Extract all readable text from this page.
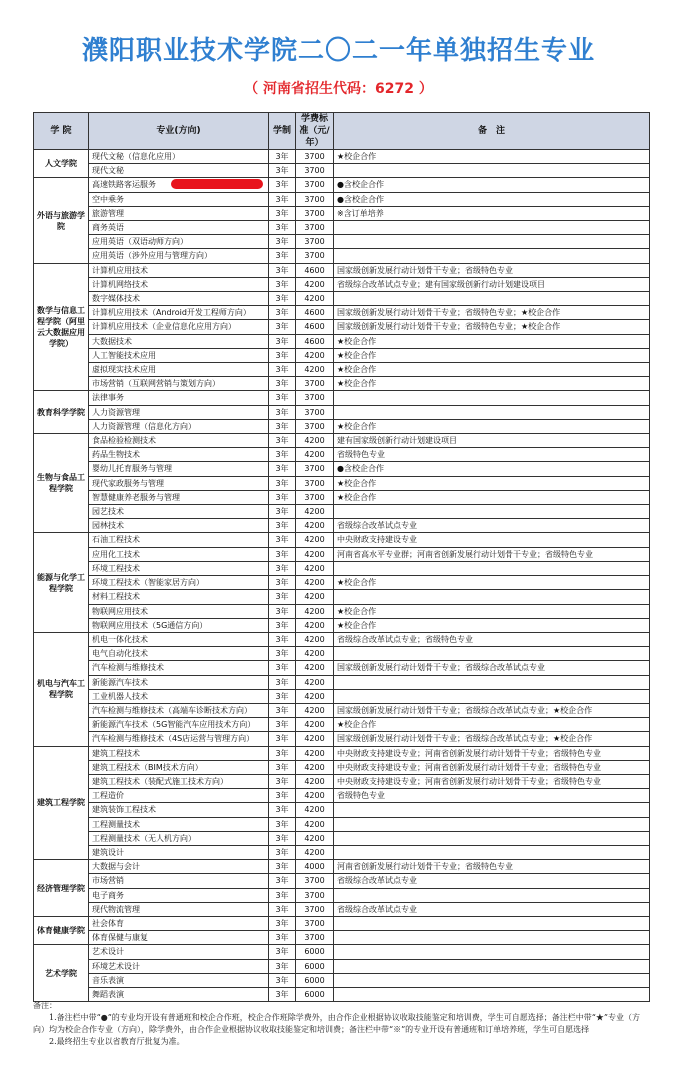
濮阳职业技术学院二〇二一年单独招生专业
（ 河南省招生代码：6272 ）
学 院	专业(方向)	学制	学费标准（元/年）	备　注
人文学院	现代文秘（信息化应用）	3年	3700	★校企合作
	现代文秘	3年	3700	
外语与旅游学院	高速铁路客运服务	3年	3700	●含校企合作
	空中乘务	3年	3700	●含校企合作
	旅游管理	3年	3700	※含订单培养
	商务英语	3年	3700	
	应用英语（双语动师方向）	3年	3700	
	应用英语（涉外应用与管理方向）	3年	3700	
数学与信息工程学院（阿里云大数据应用学院）	计算机应用技术	3年	4600	国家级创新发展行动计划骨干专业；省级特色专业
	计算机网络技术	3年	4200	省级综合改革试点专业；建有国家级创新行动计划建设项目
	数字媒体技术	3年	4200	
	计算机应用技术（Android开发工程师方向）	3年	4600	国家级创新发展行动计划骨干专业；省级特色专业；★校企合作
	计算机应用技术（企业信息化应用方向）	3年	4600	国家级创新发展行动计划骨干专业；省级特色专业；★校企合作
	大数据技术	3年	4600	★校企合作
	人工智能技术应用	3年	4200	★校企合作
	虚拟现实技术应用	3年	4200	★校企合作
	市场营销（互联网营销与策划方向）	3年	3700	★校企合作
教育科学学院	法律事务	3年	3700	
	人力资源管理	3年	3700	
	人力资源管理（信息化方向）	3年	3700	★校企合作
生物与食品工程学院	食品检验检测技术	3年	4200	建有国家级创新行动计划建设项目
	药品生物技术	3年	4200	省级特色专业
	婴幼儿托育服务与管理	3年	3700	●含校企合作
	现代家政服务与管理	3年	3700	★校企合作
	智慧健康养老服务与管理	3年	3700	★校企合作
	园艺技术	3年	4200	
	园林技术	3年	4200	省级综合改革试点专业
能源与化学工程学院	石油工程技术	3年	4200	中央财政支持建设专业
	应用化工技术	3年	4200	河南省高水平专业群；河南省创新发展行动计划骨干专业；省级特色专业
	环境工程技术	3年	4200	
	环境工程技术（智能家居方向）	3年	4200	★校企合作
	材料工程技术	3年	4200	
	物联网应用技术	3年	4200	★校企合作
	物联网应用技术（5G通信方向）	3年	4200	★校企合作
机电与汽车工程学院	机电一体化技术	3年	4200	省级综合改革试点专业；省级特色专业
	电气自动化技术	3年	4200	
	汽车检测与维修技术	3年	4200	国家级创新发展行动计划骨干专业；省级综合改革试点专业
	新能源汽车技术	3年	4200	
	工业机器人技术	3年	4200	
	汽车检测与维修技术（高端车诊断技术方向）	3年	4200	国家级创新发展行动计划骨干专业；省级综合改革试点专业；★校企合作
	新能源汽车技术（5G智能汽车应用技术方向）	3年	4200	★校企合作
	汽车检测与维修技术（4S店运营与管理方向）	3年	4200	国家级创新发展行动计划骨干专业；省级综合改革试点专业；★校企合作
建筑工程学院	建筑工程技术	3年	4200	中央财政支持建设专业；河南省创新发展行动计划骨干专业；省级特色专业
	建筑工程技术（BIM技术方向）	3年	4200	中央财政支持建设专业；河南省创新发展行动计划骨干专业；省级特色专业
	建筑工程技术（装配式施工技术方向）	3年	4200	中央财政支持建设专业；河南省创新发展行动计划骨干专业；省级特色专业
	工程造价	3年	4200	省级特色专业
	建筑装饰工程技术	3年	4200	
	工程测量技术	3年	4200	
	工程测量技术（无人机方向）	3年	4200	
	建筑设计	3年	4200	
经济管理学院	大数据与会计	3年	4000	河南省创新发展行动计划骨干专业；省级特色专业
	市场营销	3年	3700	省级综合改革试点专业
	电子商务	3年	3700	
	现代物流管理	3年	3700	省级综合改革试点专业
体育健康学院	社会体育	3年	3700	
	体育保健与康复	3年	3700	
艺术学院	艺术设计	3年	6000	
	环境艺术设计	3年	6000	
	音乐表演	3年	6000	
	舞蹈表演	3年	6000	

备注：

1.备注栏中带“●”的专业均开设有普通班和校企合作班，校企合作班除学费外，由合作企业根据协议收取技能鉴定和培训费，学生可自愿选择；备注栏中带“★”专业（方向）均为校企合作专业（方向），除学费外，由合作企业根据协议收取技能鉴定和培训费；备注栏中带“※”的专业开设有普通班和订单培养班，学生可自愿选择

2.最终招生专业以省教育厅批复为准。
